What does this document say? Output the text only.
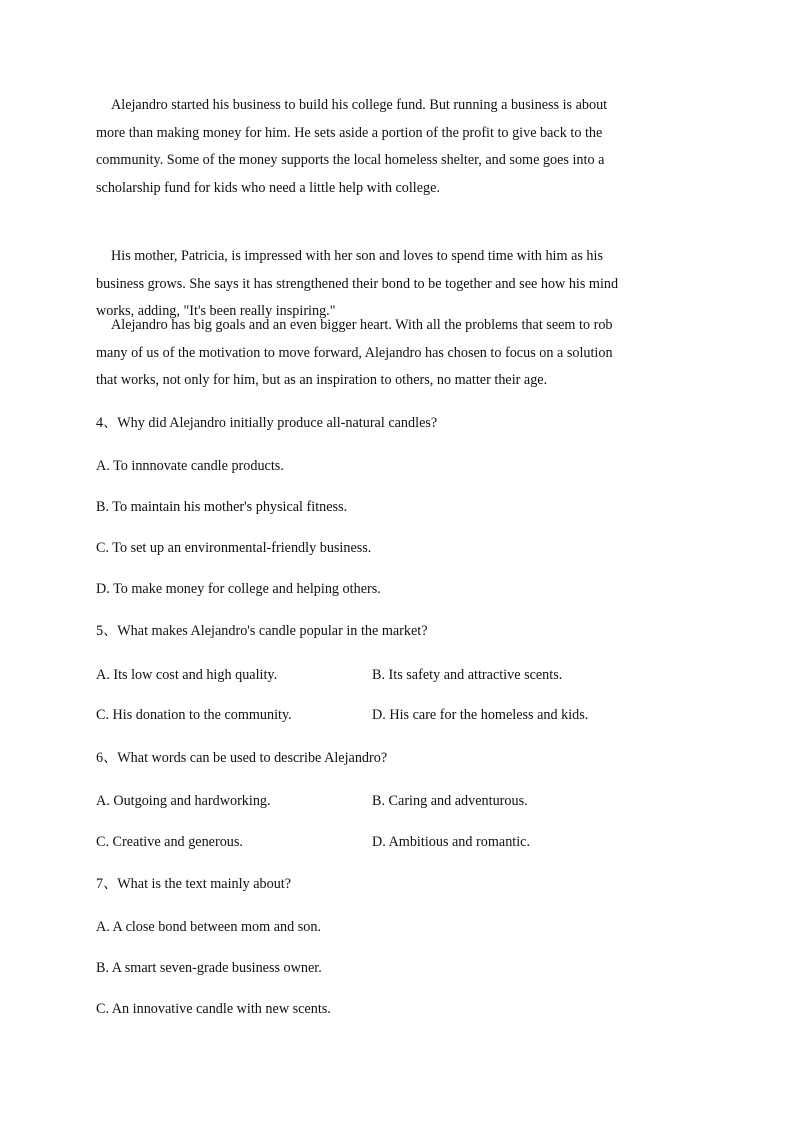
Alejandro started his business to build his college fund. But running a business is about
more than making money for him. He sets aside a portion of the profit to give back to the
community. Some of the money supports the local homeless shelter, and some goes into a
scholarship fund for kids who need a little help with college.
His mother, Patricia, is impressed with her son and loves to spend time with him as his
business grows. She says it has strengthened their bond to be together and see how his mind
works, adding, "It's been really inspiring."
Alejandro has big goals and an even bigger heart. With all the problems that seem to rob
many of us of the motivation to move forward, Alejandro has chosen to focus on a solution
that works, not only for him, but as an inspiration to others, no matter their age.
4、Why did Alejandro initially produce all-natural candles?
A. To innnovate candle products.
B. To maintain his mother's physical fitness.
C. To set up an environmental-friendly business.
D. To make money for college and helping others.
5、What makes Alejandro's candle popular in the market?
A. Its low cost and high quality.	B. Its safety and attractive scents.
C. His donation to the community.	D. His care for the homeless and kids.
6、What words can be used to describe Alejandro?
A. Outgoing and hardworking.	B. Caring and adventurous.
C. Creative and generous.	D. Ambitious and romantic.
7、What is the text mainly about?
A. A close bond between mom and son.
B. A smart seven-grade business owner.
C. An innovative candle with new scents.
